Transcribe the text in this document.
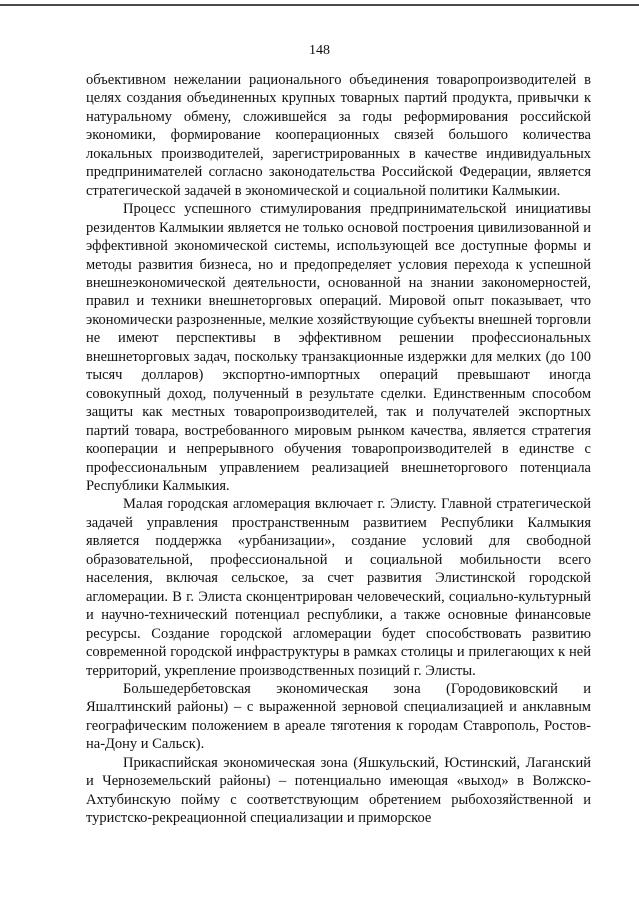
148

объективном нежелании рационального объединения товаропроизводителей в целях создания объединенных крупных товарных партий продукта, привычки к натуральному обмену, сложившейся за годы реформирования российской экономики, формирование кооперационных связей большого количества локальных производителей, зарегистрированных в качестве индивидуальных предпринимателей согласно законодательства Российской Федерации, является стратегической задачей в экономической и социальной политики Калмыкии.

Процесс успешного стимулирования предпринимательской инициативы резидентов Калмыкии является не только основой построения цивилизованной и эффективной экономической системы, использующей все доступные формы и методы развития бизнеса, но и предопределяет условия перехода к успешной внешнеэкономической деятельности, основанной на знании закономерностей, правил и техники внешнеторговых операций. Мировой опыт показывает, что экономически разрозненные, мелкие хозяйствующие субъекты внешней торговли не имеют перспективы в эффективном решении профессиональных внешнеторговых задач, поскольку транзакционные издержки для мелких (до 100 тысяч долларов) экспортно-импортных операций превышают иногда совокупный доход, полученный в результате сделки. Единственным способом защиты как местных товаропроизводителей, так и получателей экспортных партий товара, востребованного мировым рынком качества, является стратегия кооперации и непрерывного обучения товаропроизводителей в единстве с профессиональным управлением реализацией внешнеторгового потенциала Республики Калмыкия.

Малая городская агломерация включает г. Элисту. Главной стратегической задачей управления пространственным развитием Республики Калмыкия является поддержка «урбанизации», создание условий для свободной образовательной, профессиональной и социальной мобильности всего населения, включая сельское, за счет развития Элистинской городской агломерации. В г. Элиста сконцентрирован человеческий, социально-культурный и научно-технический потенциал республики, а также основные финансовые ресурсы. Создание городской агломерации будет способствовать развитию современной городской инфраструктуры в рамках столицы и прилегающих к ней территорий, укрепление производственных позиций г. Элисты.

Большедербетовская экономическая зона (Городовиковский и Яшалтинский районы) – с выраженной зерновой специализацией и анклавным географическим положением в ареале тяготения к городам Ставрополь, Ростов-на-Дону и Сальск).

Прикаспийская экономическая зона (Яшкульский, Юстинский, Лаганский и Черноземельский районы) – потенциально имеющая «выход» в Волжско-Ахтубинскую пойму с соответствующим обретением рыбохозяйственной и туристско-рекреационной специализации и приморское
